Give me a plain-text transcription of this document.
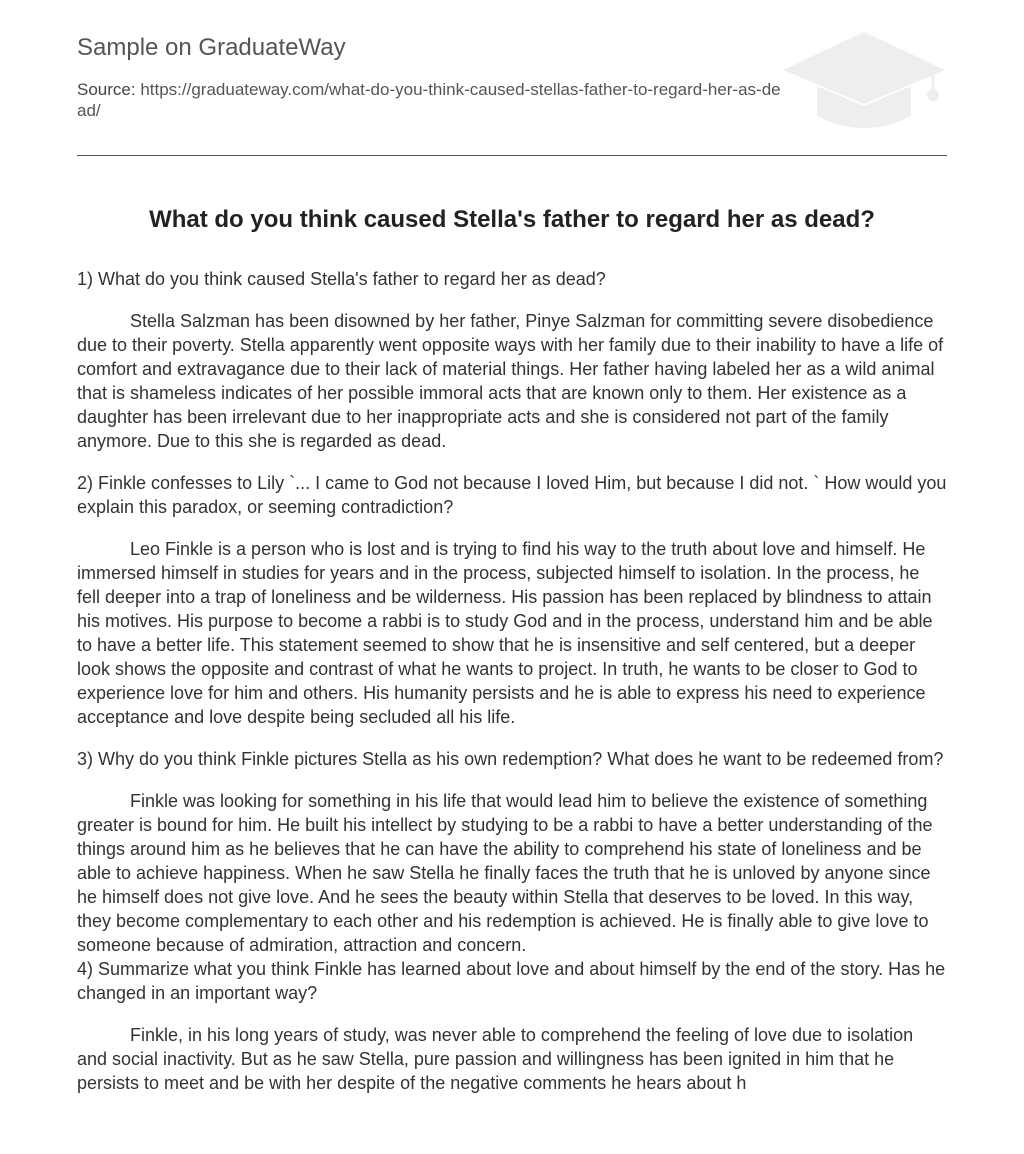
Sample on GraduateWay
Source: https://graduateway.com/what-do-you-think-caused-stellas-father-to-regard-her-as-dead/
What do you think caused Stella's father to regard her as dead?

1) What do you think caused Stella's father to regard her as dead?

Stella Salzman has been disowned by her father, Pinye Salzman for committing severe disobedience due to their poverty. Stella apparently went opposite ways with her family due to their inability to have a life of comfort and extravagance due to their lack of material things. Her father having labeled her as a wild animal that is shameless indicates of her possible immoral acts that are known only to them. Her existence as a daughter has been irrelevant due to her inappropriate acts and she is considered not part of the family anymore. Due to this she is regarded as dead.

2) Finkle confesses to Lily `... I came to God not because I loved Him, but because I did not. ` How would you explain this paradox, or seeming contradiction?

Leo Finkle is a person who is lost and is trying to find his way to the truth about love and himself. He immersed himself in studies for years and in the process, subjected himself to isolation. In the process, he fell deeper into a trap of loneliness and be wilderness. His passion has been replaced by blindness to attain his motives. His purpose to become a rabbi is to study God and in the process, understand him and be able to have a better life. This statement seemed to show that he is insensitive and self centered, but a deeper look shows the opposite and contrast of what he wants to project. In truth, he wants to be closer to God to experience love for him and others. His humanity persists and he is able to express his need to experience acceptance and love despite being secluded all his life.

3) Why do you think Finkle pictures Stella as his own redemption? What does he want to be redeemed from?

Finkle was looking for something in his life that would lead him to believe the existence of something greater is bound for him. He built his intellect by studying to be a rabbi to have a better understanding of the things around him as he believes that he can have the ability to comprehend his state of loneliness and be able to achieve happiness. When he saw Stella he finally faces the truth that he is unloved by anyone since he himself does not give love. And he sees the beauty within Stella that deserves to be loved. In this way, they become complementary to each other and his redemption is achieved. He is finally able to give love to someone because of admiration, attraction and concern.

4) Summarize what you think Finkle has learned about love and about himself by the end of the story. Has he changed in an important way?

Finkle, in his long years of study, was never able to comprehend the feeling of love due to isolation and social inactivity. But as he saw Stella, pure passion and willingness has been ignited in him that he persists to meet and be with her despite of the negative comments he hears about h
